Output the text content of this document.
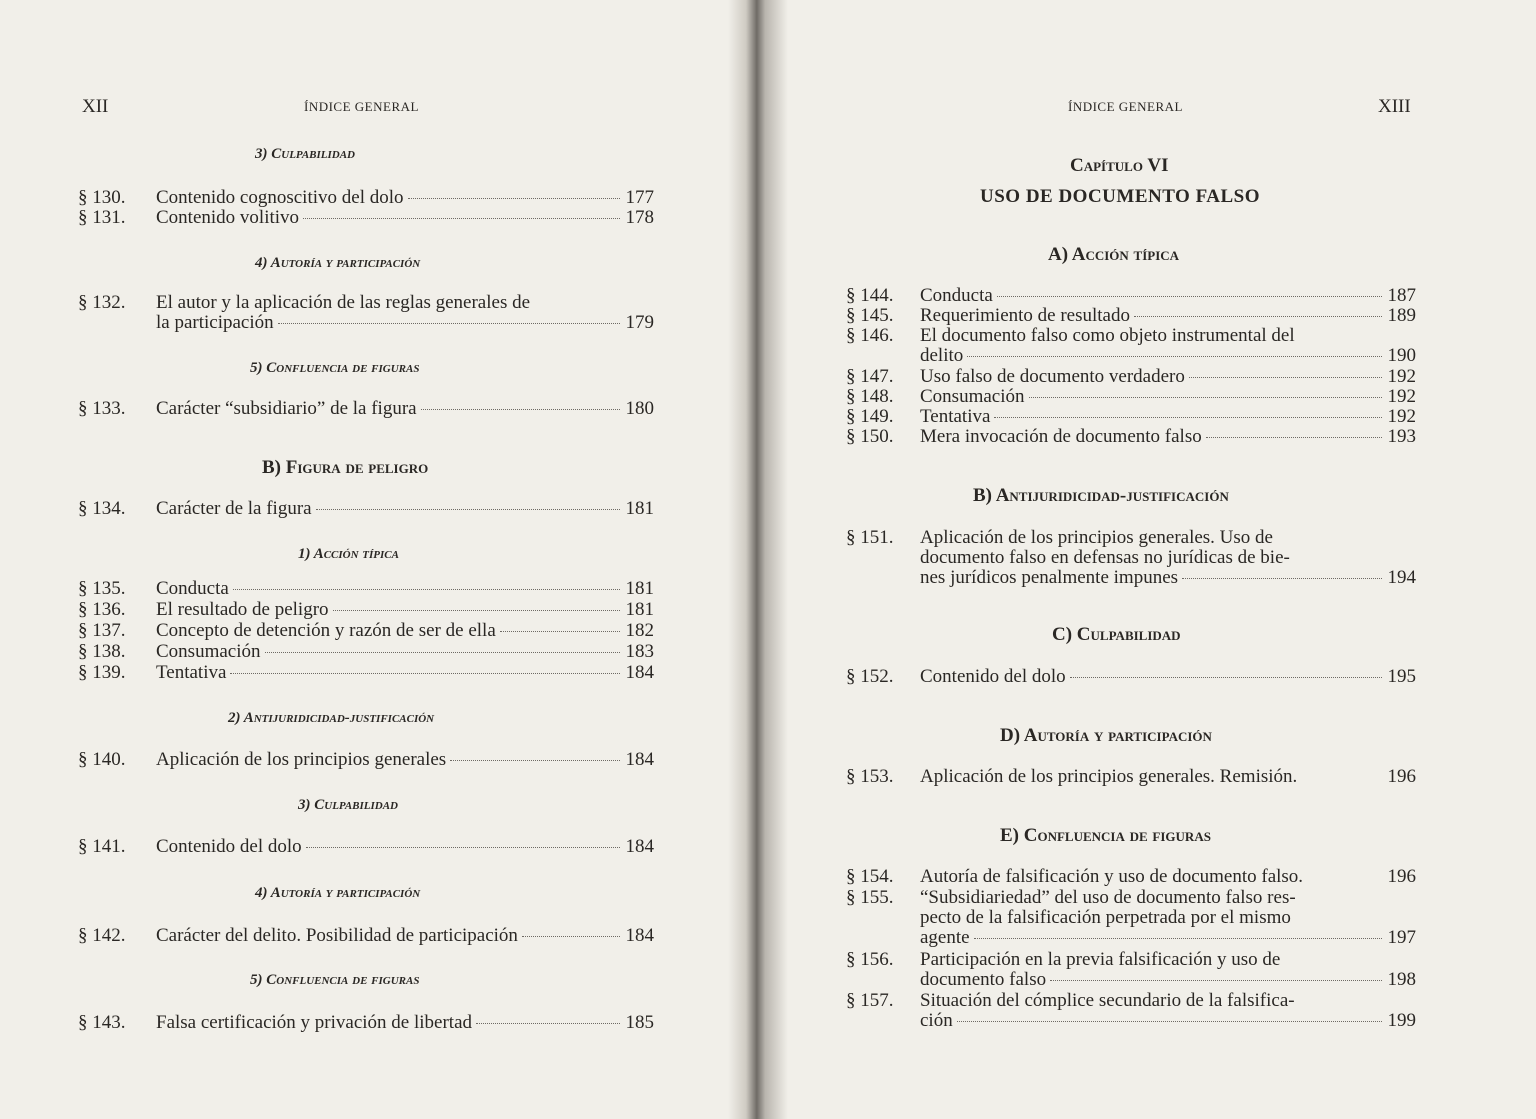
XII	ÍNDICE GENERAL
3) Culpabilidad
§ 130. Contenido cognoscitivo del dolo	177
§ 131. Contenido volitivo	178
4) Autoría y participación
§ 132. El autor y la aplicación de las reglas generales de
la participación	179
5) Confluencia de figuras
§ 133. Carácter “subsidiario” de la figura	180
B) Figura de peligro
§ 134. Carácter de la figura	181
1) Acción típica
§ 135. Conducta	181
§ 136. El resultado de peligro	181
§ 137. Concepto de detención y razón de ser de ella	182
§ 138. Consumación	183
§ 139. Tentativa	184
2) Antijuridicidad-justificación
§ 140. Aplicación de los principios generales	184
3) Culpabilidad
§ 141. Contenido del dolo	184
4) Autoría y participación
§ 142. Carácter del delito. Posibilidad de participación	184
5) Confluencia de figuras
§ 143. Falsa certificación y privación de libertad	185
ÍNDICE GENERAL	XIII
Capítulo VI
USO DE DOCUMENTO FALSO
A) Acción típica
§ 144. Conducta	187
§ 145. Requerimiento de resultado	189
§ 146. El documento falso como objeto instrumental del
delito	190
§ 147. Uso falso de documento verdadero	192
§ 148. Consumación	192
§ 149. Tentativa	192
§ 150. Mera invocación de documento falso	193
B) Antijuridicidad-justificación
§ 151. Aplicación de los principios generales. Uso de
documento falso en defensas no jurídicas de bie-
nes jurídicos penalmente impunes	194
C) Culpabilidad
§ 152. Contenido del dolo	195
D) Autoría y participación
§ 153. Aplicación de los principios generales. Remisión.	196
E) Confluencia de figuras
§ 154. Autoría de falsificación y uso de documento falso.	196
§ 155. “Subsidiariedad” del uso de documento falso res-
pecto de la falsificación perpetrada por el mismo
agente	197
§ 156. Participación en la previa falsificación y uso de
documento falso	198
§ 157. Situación del cómplice secundario de la falsifica-
ción	199
